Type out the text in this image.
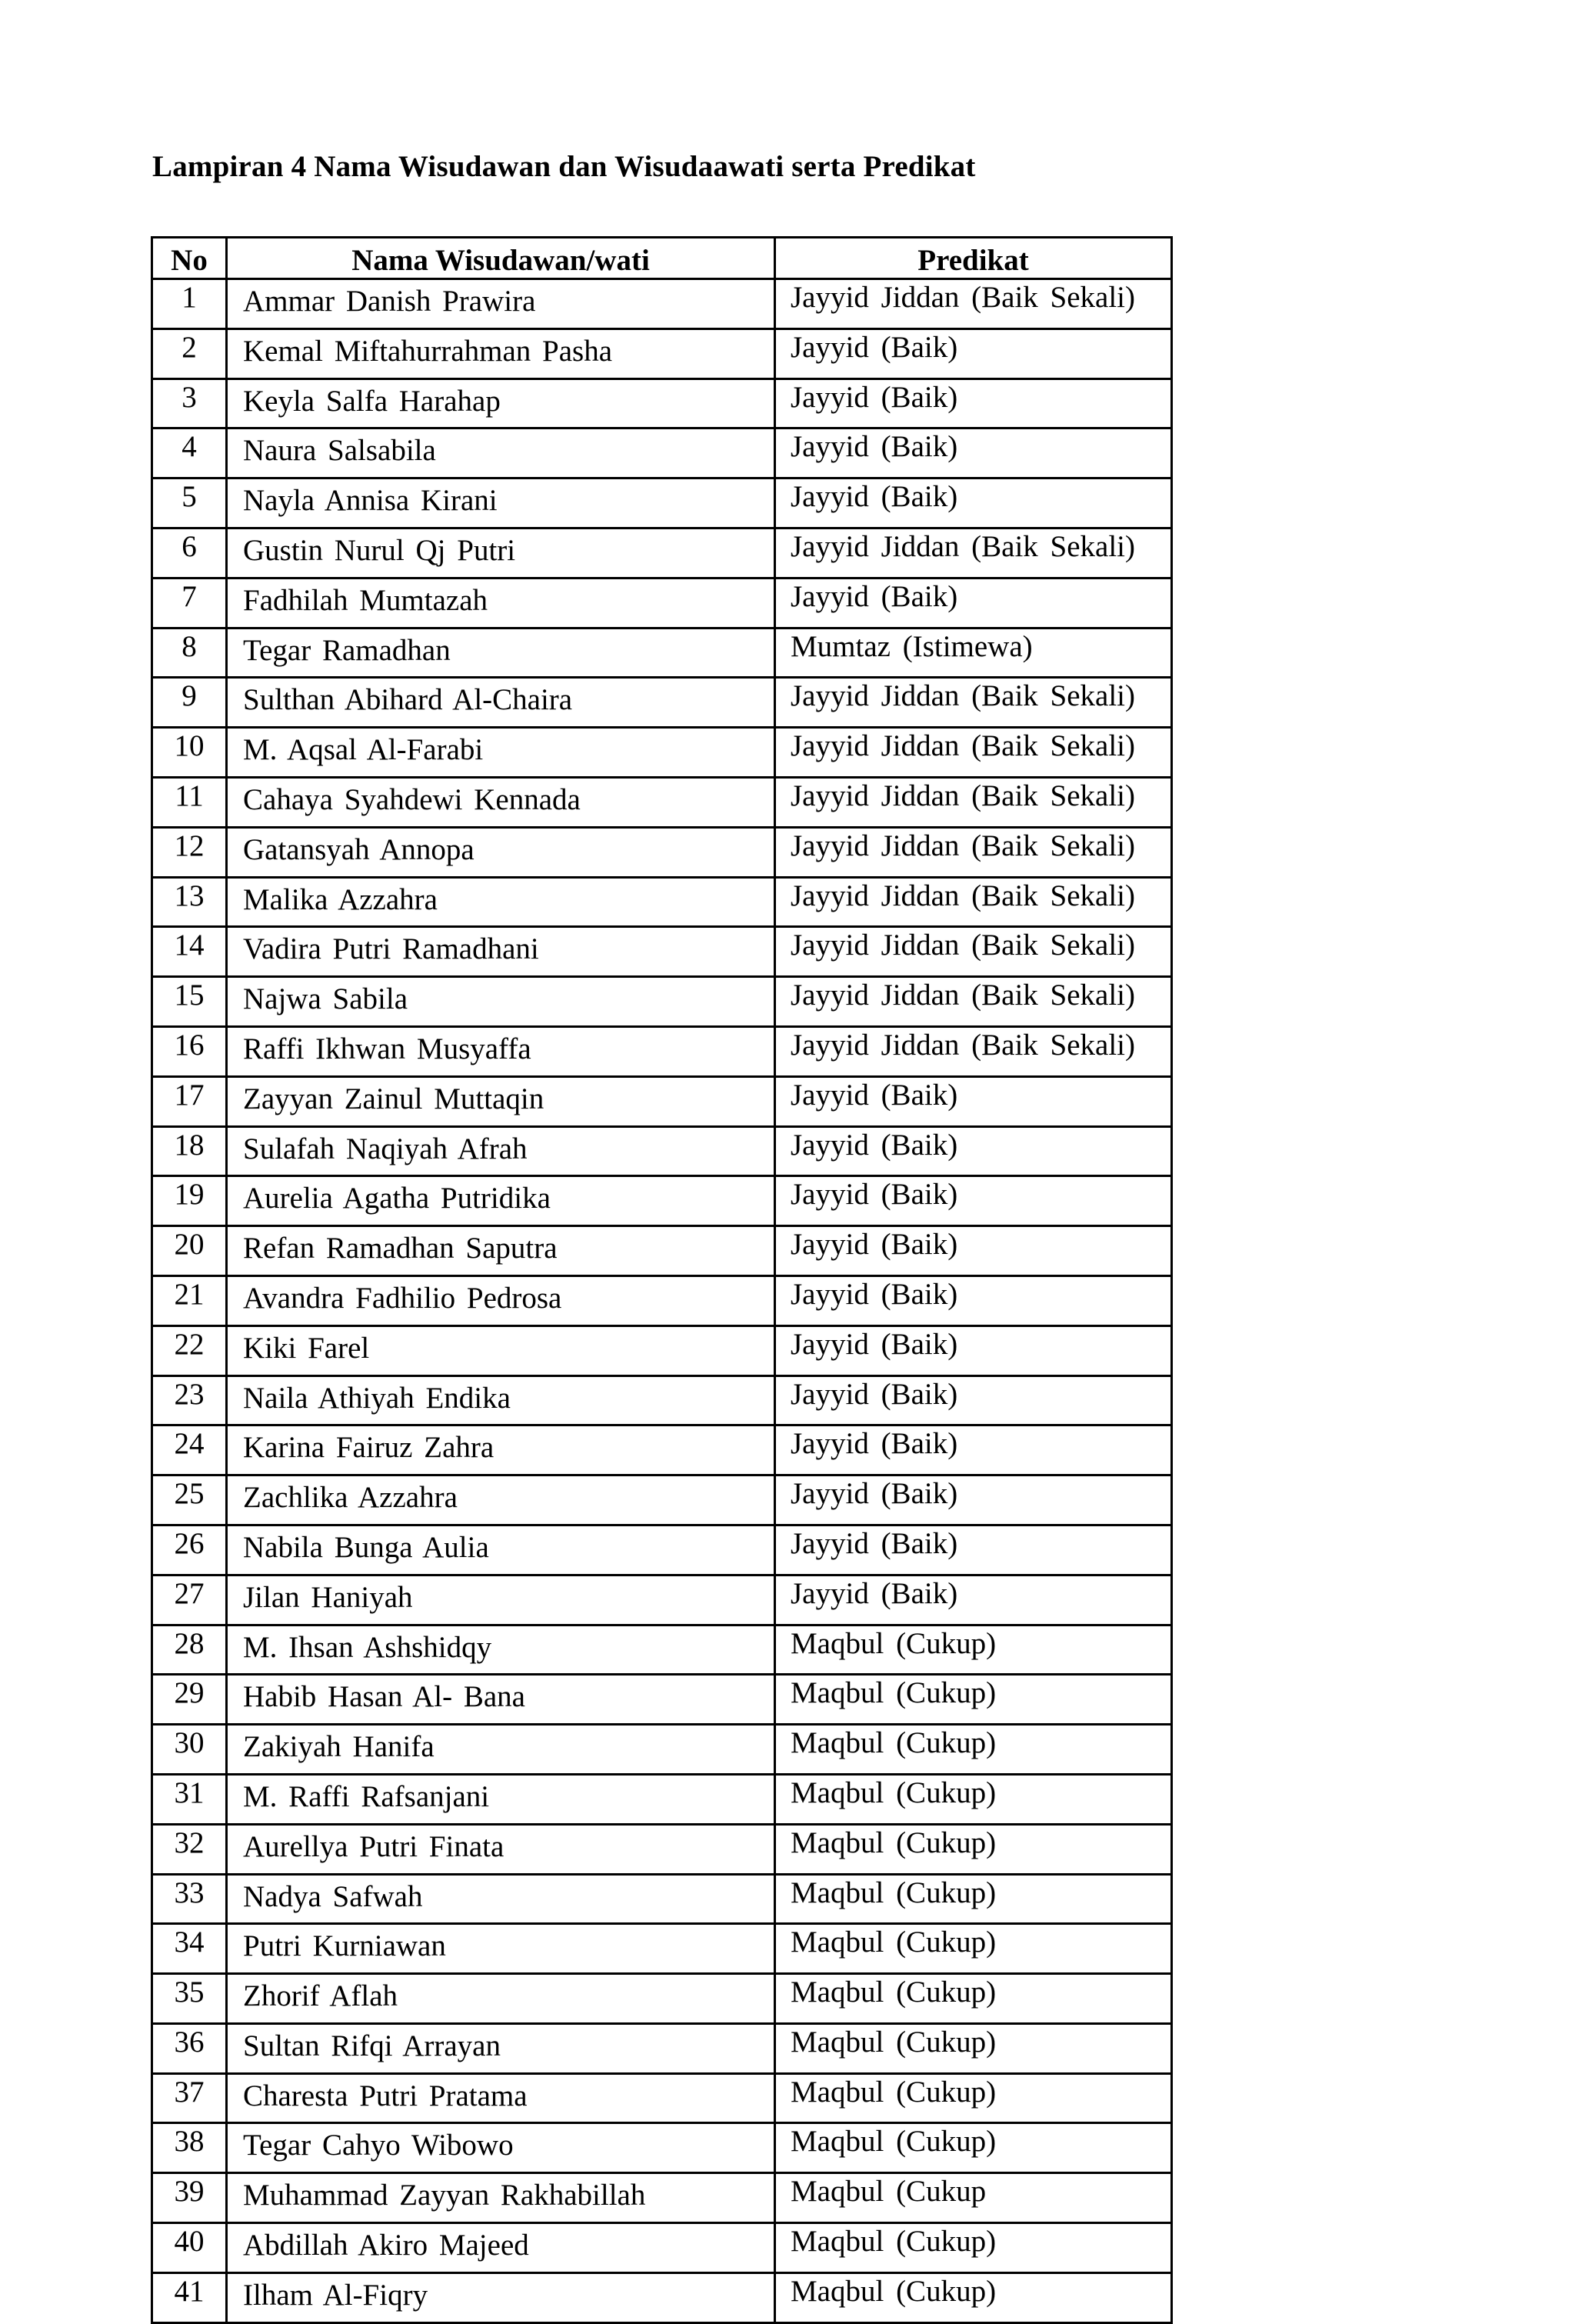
Lampiran 4 Nama Wisudawan dan Wisudaawati serta Predikat
No	Nama Wisudawan/wati	Predikat
1	Ammar Danish Prawira	Jayyid Jiddan (Baik Sekali)
2	Kemal Miftahurrahman Pasha	Jayyid (Baik)
3	Keyla Salfa Harahap	Jayyid (Baik)
4	Naura Salsabila	Jayyid (Baik)
5	Nayla Annisa Kirani	Jayyid (Baik)
6	Gustin Nurul Qj Putri	Jayyid Jiddan (Baik Sekali)
7	Fadhilah Mumtazah	Jayyid (Baik)
8	Tegar Ramadhan	Mumtaz (Istimewa)
9	Sulthan Abihard Al-Chaira	Jayyid Jiddan (Baik Sekali)
10	M. Aqsal Al-Farabi	Jayyid Jiddan (Baik Sekali)
11	Cahaya Syahdewi Kennada	Jayyid Jiddan (Baik Sekali)
12	Gatansyah Annopa	Jayyid Jiddan (Baik Sekali)
13	Malika Azzahra	Jayyid Jiddan (Baik Sekali)
14	Vadira Putri Ramadhani	Jayyid Jiddan (Baik Sekali)
15	Najwa Sabila	Jayyid Jiddan (Baik Sekali)
16	Raffi Ikhwan Musyaffa	Jayyid Jiddan (Baik Sekali)
17	Zayyan Zainul Muttaqin	Jayyid (Baik)
18	Sulafah Naqiyah Afrah	Jayyid (Baik)
19	Aurelia Agatha Putridika	Jayyid (Baik)
20	Refan Ramadhan Saputra	Jayyid (Baik)
21	Avandra Fadhilio Pedrosa	Jayyid (Baik)
22	Kiki Farel	Jayyid (Baik)
23	Naila Athiyah Endika	Jayyid (Baik)
24	Karina Fairuz Zahra	Jayyid (Baik)
25	Zachlika Azzahra	Jayyid (Baik)
26	Nabila Bunga Aulia	Jayyid (Baik)
27	Jilan Haniyah	Jayyid (Baik)
28	M. Ihsan Ashshidqy	Maqbul (Cukup)
29	Habib Hasan Al- Bana	Maqbul (Cukup)
30	Zakiyah Hanifa	Maqbul (Cukup)
31	M. Raffi Rafsanjani	Maqbul (Cukup)
32	Aurellya Putri Finata	Maqbul (Cukup)
33	Nadya Safwah	Maqbul (Cukup)
34	Putri Kurniawan	Maqbul (Cukup)
35	Zhorif Aflah	Maqbul (Cukup)
36	Sultan Rifqi Arrayan	Maqbul (Cukup)
37	Charesta Putri Pratama	Maqbul (Cukup)
38	Tegar Cahyo Wibowo	Maqbul (Cukup)
39	Muhammad Zayyan Rakhabillah	Maqbul (Cukup
40	Abdillah Akiro Majeed	Maqbul (Cukup)
41	Ilham Al-Fiqry	Maqbul (Cukup)
